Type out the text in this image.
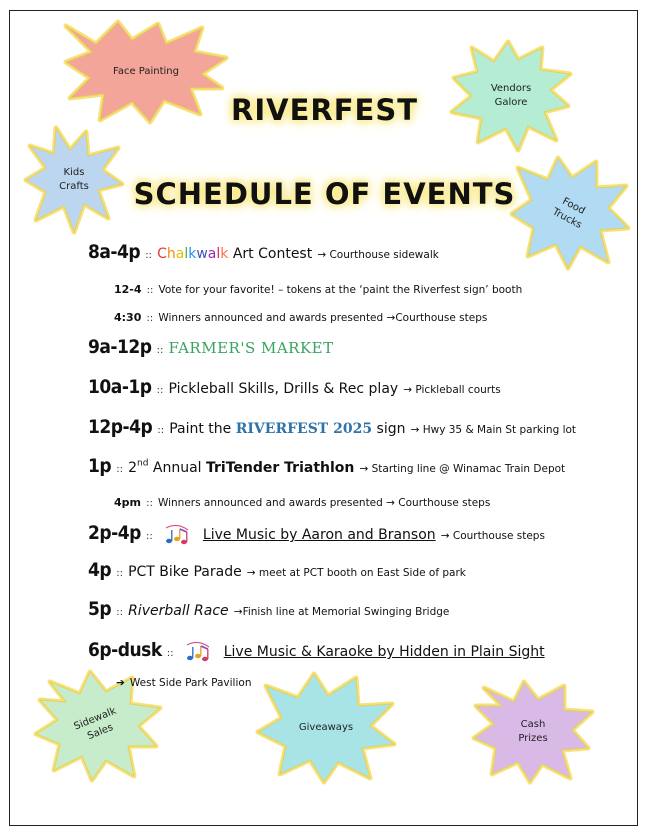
Face Painting
Vendors
Galore
Kids
Crafts
Food
Trucks
Sidewalk
Sales	Giveaways	Cash
Prizes
RIVERFEST
SCHEDULE OF EVENTS
8a-4p :: Chalkwalk Art Contest → Courthouse sidewalk
12-4 :: Vote for your favorite! – tokens at the ‘paint the Riverfest sign’ booth
4:30 :: Winners announced and awards presented →Courthouse steps
9a-12p :: FARMER'S MARKET
10a-1p :: Pickleball Skills, Drills & Rec play → Pickleball courts
12p-4p :: Paint the RIVERFEST 2025 sign → Hwy 35 & Main St parking lot
1p :: 2nd Annual TriTender Triathlon → Starting line @ Winamac Train Depot
4pm :: Winners announced and awards presented → Courthouse steps
2p-4p ::	Live Music by Aaron and Branson → Courthouse steps
4p :: PCT Bike Parade → meet at PCT booth on East Side of park
5p :: Riverball Race →Finish line at Memorial Swinging Bridge
6p-dusk ::	Live Music & Karaoke by Hidden in Plain Sight
➔ West Side Park Pavilion
